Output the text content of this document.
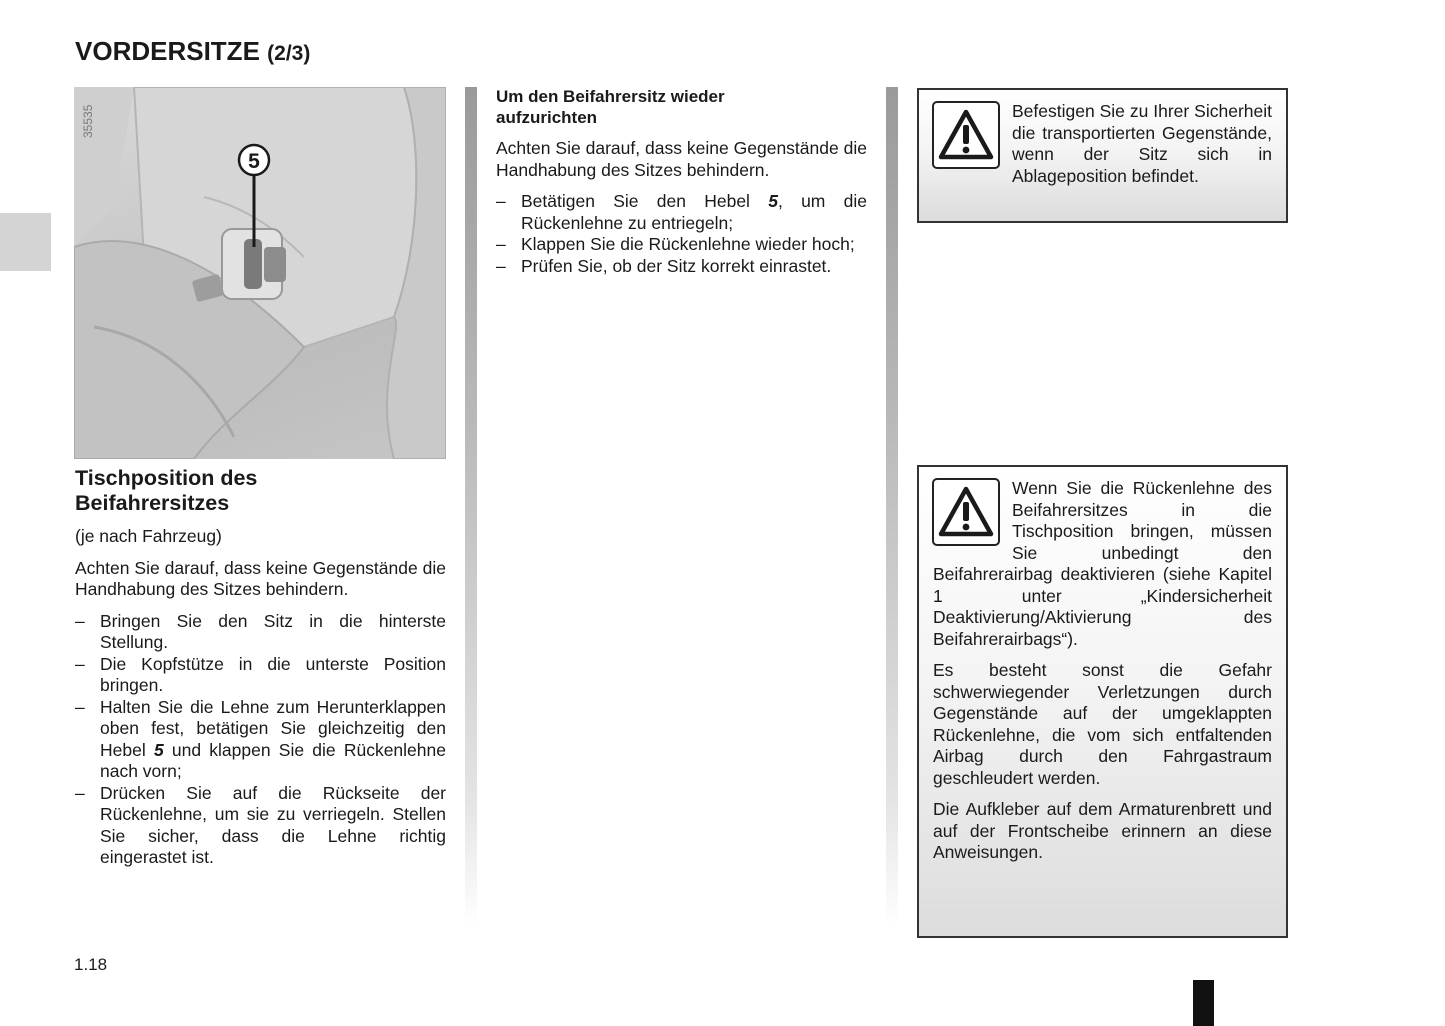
VORDERSITZE (2/3)
5
35535
Tischposition des
Beifahrersitzes

(je nach Fahrzeug)

Achten Sie darauf, dass keine Gegenstände die Handhabung des Sitzes behindern.

– Bringen Sie den Sitz in die hinterste Stellung.
– Die Kopfstütze in die unterste Position bringen.
– Halten Sie die Lehne zum Herunterklappen oben fest, betätigen Sie gleichzeitig den Hebel 5 und klappen Sie die Rückenlehne nach vorn;
– Drücken Sie auf die Rückseite der Rückenlehne, um sie zu verriegeln. Stellen Sie sicher, dass die Lehne richtig eingerastet ist.
Um den Beifahrersitz wieder
aufzurichten

Achten Sie darauf, dass keine Gegenstände die Handhabung des Sitzes behindern.

– Betätigen Sie den Hebel 5, um die Rückenlehne zu entriegeln;
– Klappen Sie die Rückenlehne wieder hoch;
– Prüfen Sie, ob der Sitz korrekt einrastet.

Befestigen Sie zu Ihrer Sicherheit die transportierten Gegenstände, wenn der Sitz sich in Ablageposition befindet.

Wenn Sie die Rückenlehne des Beifahrersitzes in die Tischposition bringen, müssen Sie unbedingt den Beifahrerairbag deaktivieren (siehe Kapitel 1 unter „Kindersicherheit Deaktivierung/Aktivierung des Beifahrerairbags“).

Es besteht sonst die Gefahr schwerwiegender Verletzungen durch Gegenstände auf der umgeklappten Rückenlehne, die vom sich entfaltenden Airbag durch den Fahrgastraum geschleudert werden.

Die Aufkleber auf dem Armaturenbrett und auf der Frontscheibe erinnern an diese Anweisungen.

1.18
